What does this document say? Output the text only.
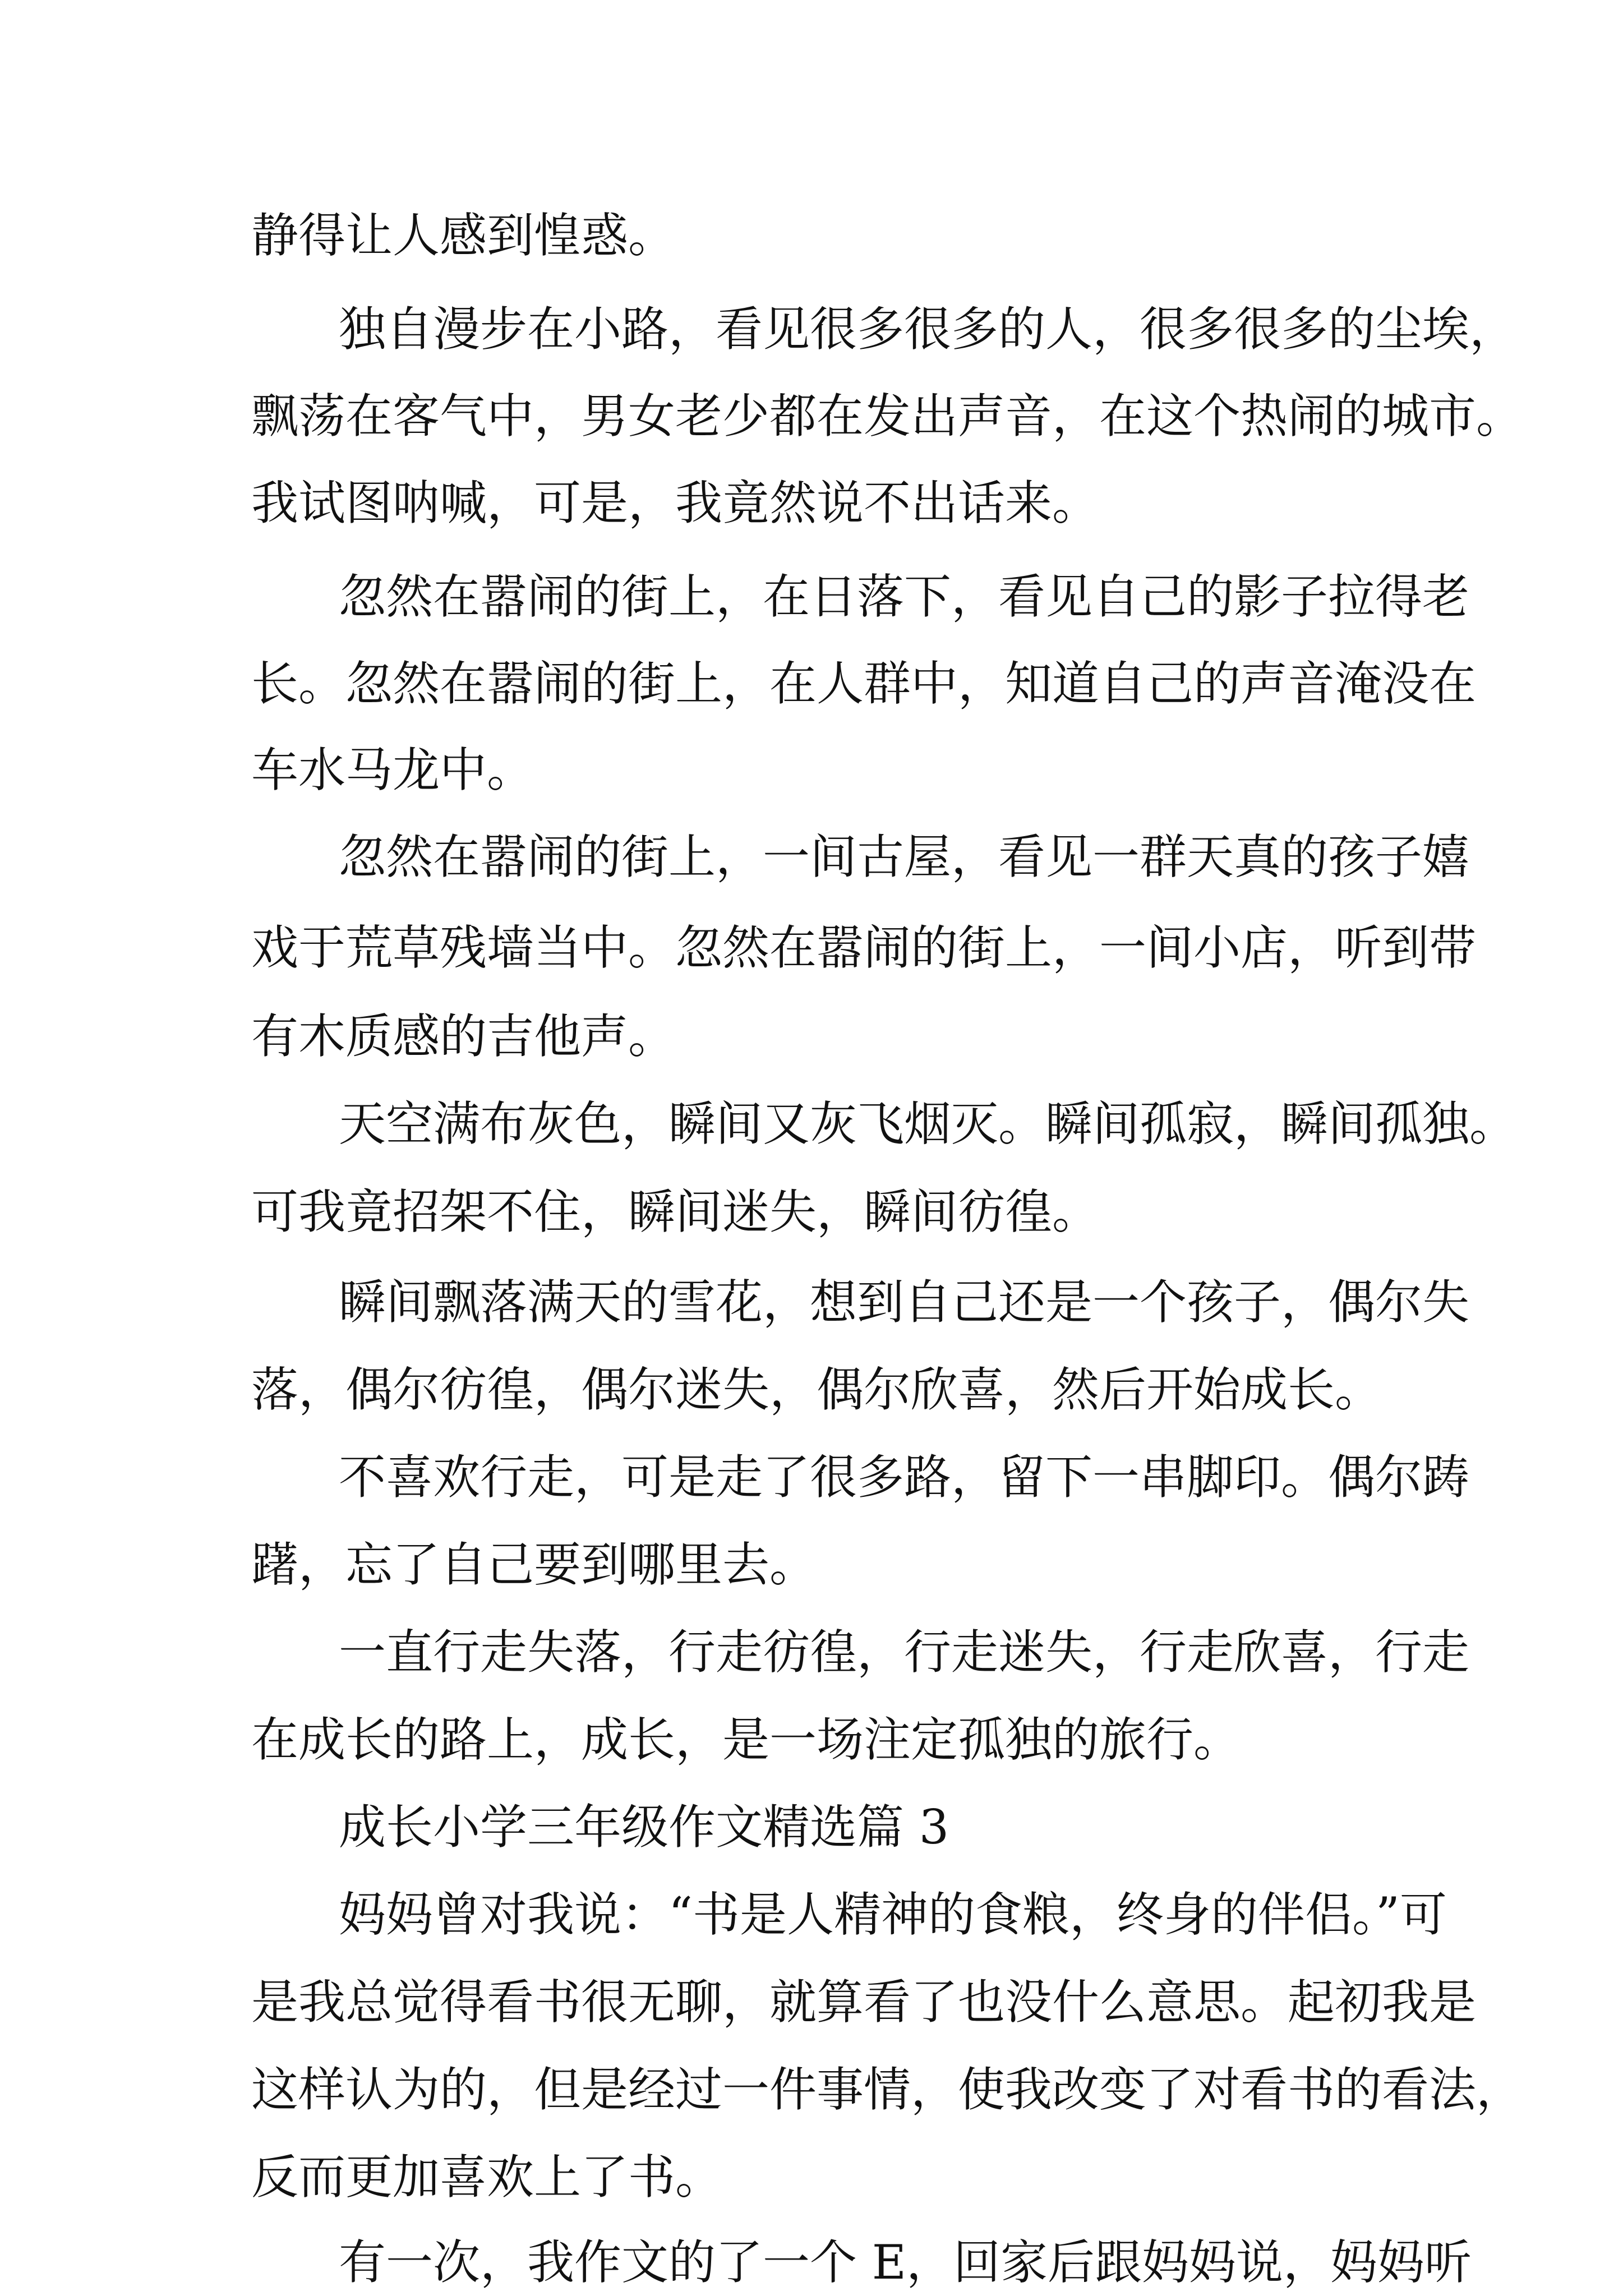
静得让人感到惶惑。
独自漫步在小路，看见很多很多的人，很多很多的尘埃，
飘荡在客气中，男女老少都在发出声音，在这个热闹的城市。
我试图呐喊，可是，我竟然说不出话来。
忽然在嚣闹的街上，在日落下，看见自己的影子拉得老
长。忽然在嚣闹的街上，在人群中，知道自己的声音淹没在
车水马龙中。
忽然在嚣闹的街上，一间古屋，看见一群天真的孩子嬉
戏于荒草残墙当中。忽然在嚣闹的街上，一间小店，听到带
有木质感的吉他声。
天空满布灰色，瞬间又灰飞烟灭。瞬间孤寂，瞬间孤独。
可我竟招架不住，瞬间迷失，瞬间彷徨。
瞬间飘落满天的雪花，想到自己还是一个孩子，偶尔失
落，偶尔彷徨，偶尔迷失，偶尔欣喜，然后开始成长。
不喜欢行走，可是走了很多路，留下一串脚印。偶尔踌
躇，忘了自己要到哪里去。
一直行走失落，行走彷徨，行走迷失，行走欣喜，行走
在成长的路上，成长，是一场注定孤独的旅行。
成长小学三年级作文精选篇 3
妈妈曾对我说：“书是人精神的食粮，终身的伴侣。”可
是我总觉得看书很无聊，就算看了也没什么意思。起初我是
这样认为的，但是经过一件事情，使我改变了对看书的看法，
反而更加喜欢上了书。
有一次，我作文的了一个 E，回家后跟妈妈说，妈妈听
